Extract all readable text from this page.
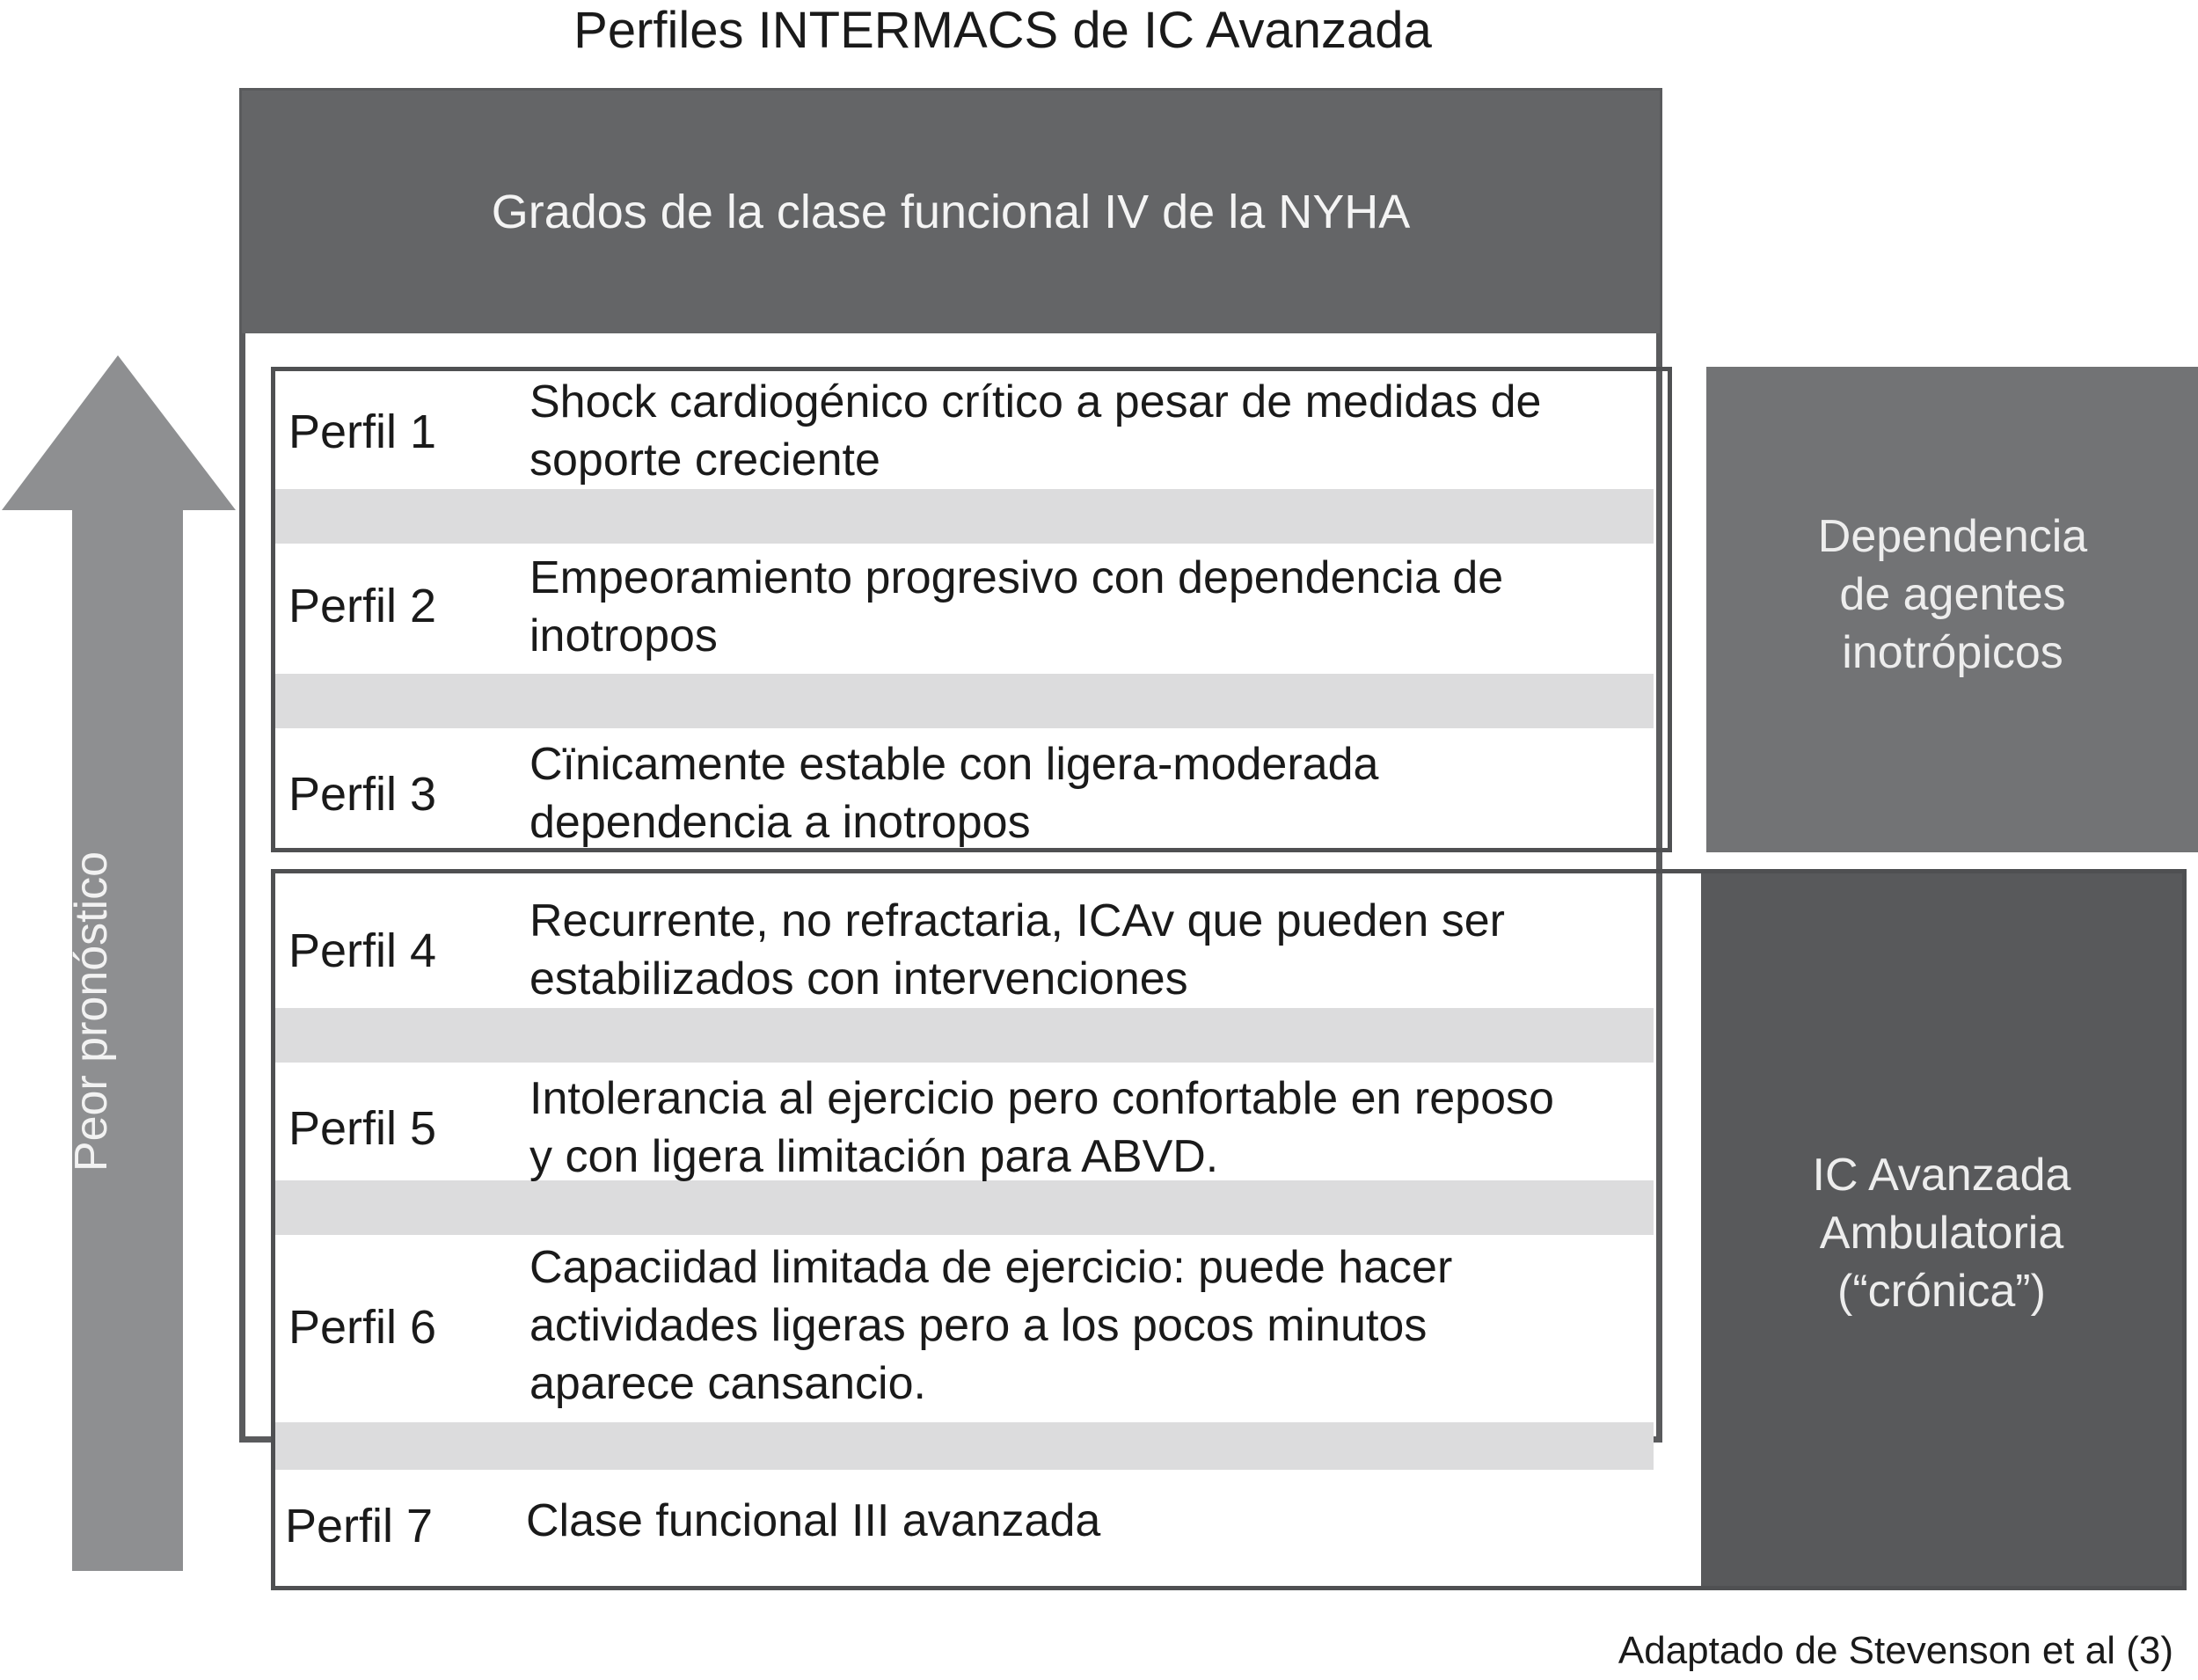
Perfiles INTERMACS de IC Avanzada
Grados de la clase funcional IV de la NYHA
Dependencia
de agentes
inotrópicos
IC Avanzada
Ambulatoria
(“crónica”)
Perfil 1
Shock cardiogénico crítico a pesar de medidas de
soporte creciente
Perfil 2
Empeoramiento progresivo con dependencia de
inotropos
Perfil 3
Cïnicamente estable con ligera-moderada
dependencia a inotropos
Perfil 4
Recurrente, no refractaria, ICAv que pueden ser
estabilizados con intervenciones
Perfil 5
Intolerancia al ejercicio pero confortable en reposo
y con ligera limitación para ABVD.
Perfil 6
Capaciidad limitada de ejercicio: puede hacer
actividades ligeras pero a los pocos minutos
aparece cansancio.
Perfil 7 Clase funcional III avanzada
Peor pronóstico
Adaptado de Stevenson et al (3)
